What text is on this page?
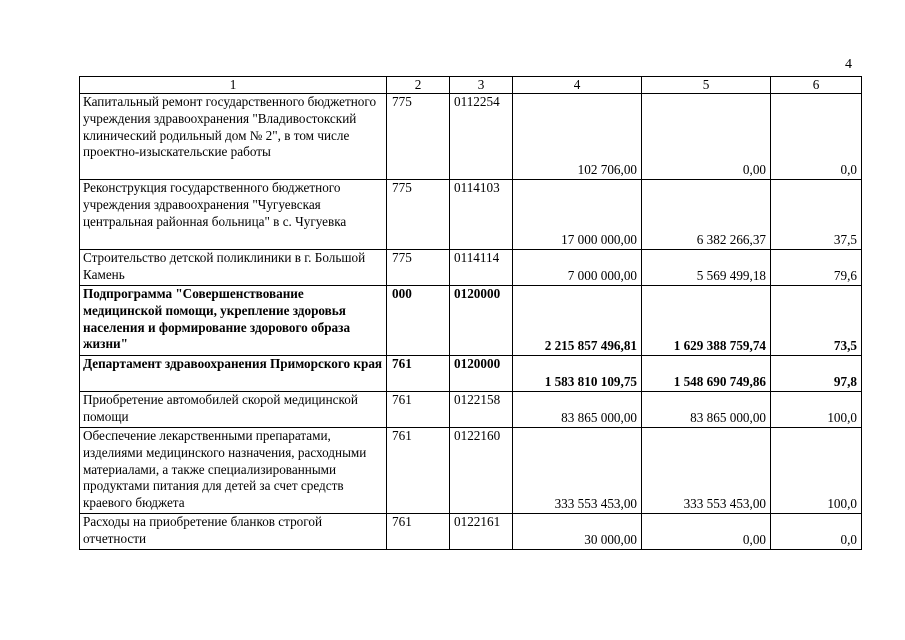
4
1	2	3	4	5	6
Капитальный ремонт государственного бюджетного учреждения здравоохранения "Владивостокский клинический родильный дом № 2", в том числе проектно-изыскательские работы	775	0112254	102 706,00	0,00	0,0
Реконструкция государственного бюджетного учреждения здравоохранения "Чугуевская центральная районная больница" в с. Чугуевка	775	0114103	17 000 000,00	6 382 266,37	37,5
Строительство детской поликлиники в г. Большой Камень	775	0114114	7 000 000,00	5 569 499,18	79,6
Подпрограмма "Совершенствование медицинской помощи, укрепление здоровья населения и формирование здорового образа жизни"	000	0120000	2 215 857 496,81	1 629 388 759,74	73,5
Департамент здравоохранения Приморского края	761	0120000	1 583 810 109,75	1 548 690 749,86	97,8
Приобретение автомобилей скорой медицинской помощи	761	0122158	83 865 000,00	83 865 000,00	100,0
Обеспечение лекарственными препаратами, изделиями медицинского назначения, расходными материалами, а также специализированными продуктами питания для детей за счет средств краевого бюджета	761	0122160	333 553 453,00	333 553 453,00	100,0
Расходы на приобретение бланков строгой отчетности	761	0122161	30 000,00	0,00	0,0
